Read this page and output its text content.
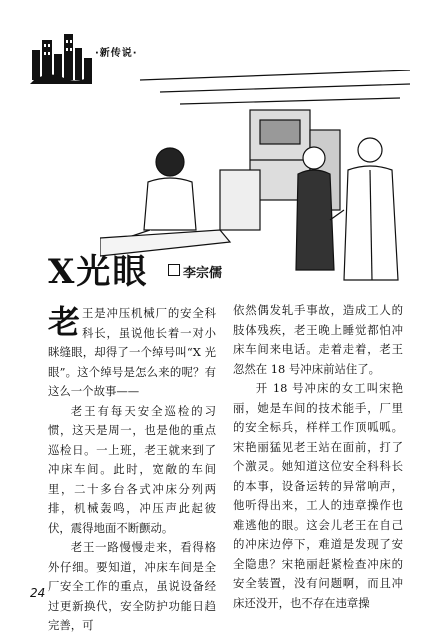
·新传说·
X光眼	李宗儒

老 王是冲压机械厂的安全科科长，虽说他长着一对小眯缝眼，却得了一个绰号叫“X 光眼”。这个绰号是怎么来的呢？有这么一个故事——

老王有每天安全巡检的习惯，这天是周一，也是他的重点巡检日。一上班，老王就来到了冲床车间。此时，宽敞的车间里，二十多台各式冲床分列两排，机械轰鸣，冲压声此起彼伏，震得地面不断颤动。

老王一路慢慢走来，看得格外仔细。要知道，冲床车间是全厂安全工作的重点，虽说设备经过更新换代，安全防护功能日趋完善，可

依然偶发轧手事故，造成工人的肢体残疾，老王晚上睡觉都怕冲床车间来电话。走着走着，老王忽然在 18 号冲床前站住了。

开 18 号冲床的女工叫宋艳丽，她是车间的技术能手，厂里的安全标兵，样样工作顶呱呱。宋艳丽猛见老王站在面前，打了个激灵。她知道这位安全科科长的本事，设备运转的异常响声，他听得出来，工人的违章操作也难逃他的眼。这会儿老王在自己的冲床边停下，难道是发现了安全隐患？宋艳丽赶紧检查冲床的安全装置，没有问题啊，而且冲床还没开，也不存在违章操

24
